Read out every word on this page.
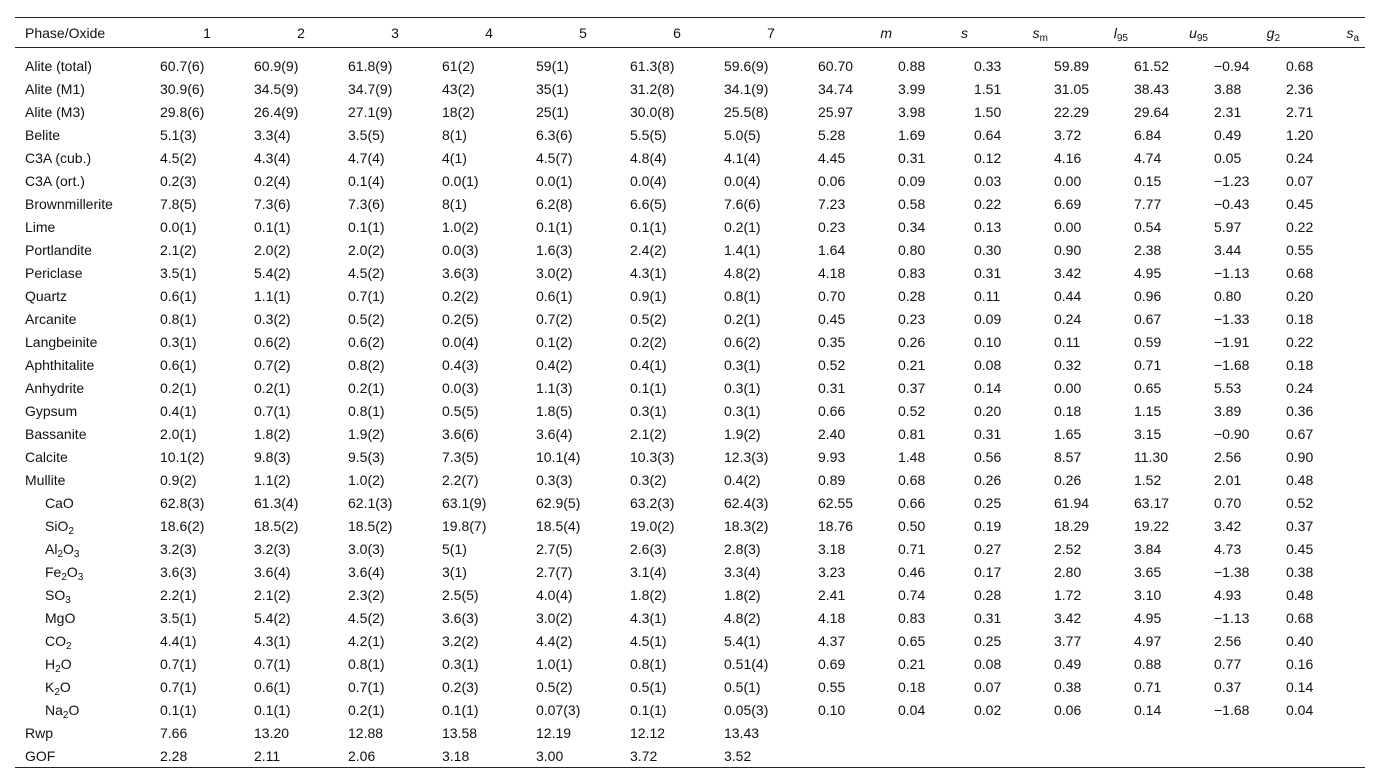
Phase/Oxide	1	2	3	4	5	6	7	m	s	$s_m$	$l_{95}$	$u_{95}$	$g_2$	$s_a$
Alite (total)	60.7(6)	60.9(9)	61.8(9)	61(2)	59(1)	61.3(8)	59.6(9)	60.70	0.88	0.33	59.89	61.52	−0.94	0.68
Alite (M1)	30.9(6)	34.5(9)	34.7(9)	43(2)	35(1)	31.2(8)	34.1(9)	34.74	3.99	1.51	31.05	38.43	3.88	2.36
Alite (M3)	29.8(6)	26.4(9)	27.1(9)	18(2)	25(1)	30.0(8)	25.5(8)	25.97	3.98	1.50	22.29	29.64	2.31	2.71
Belite	5.1(3)	3.3(4)	3.5(5)	8(1)	6.3(6)	5.5(5)	5.0(5)	5.28	1.69	0.64	3.72	6.84	0.49	1.20
C3A (cub.)	4.5(2)	4.3(4)	4.7(4)	4(1)	4.5(7)	4.8(4)	4.1(4)	4.45	0.31	0.12	4.16	4.74	0.05	0.24
C3A (ort.)	0.2(3)	0.2(4)	0.1(4)	0.0(1)	0.0(1)	0.0(4)	0.0(4)	0.06	0.09	0.03	0.00	0.15	−1.23	0.07
Brownmillerite	7.8(5)	7.3(6)	7.3(6)	8(1)	6.2(8)	6.6(5)	7.6(6)	7.23	0.58	0.22	6.69	7.77	−0.43	0.45
Lime	0.0(1)	0.1(1)	0.1(1)	1.0(2)	0.1(1)	0.1(1)	0.2(1)	0.23	0.34	0.13	0.00	0.54	5.97	0.22
Portlandite	2.1(2)	2.0(2)	2.0(2)	0.0(3)	1.6(3)	2.4(2)	1.4(1)	1.64	0.80	0.30	0.90	2.38	3.44	0.55
Periclase	3.5(1)	5.4(2)	4.5(2)	3.6(3)	3.0(2)	4.3(1)	4.8(2)	4.18	0.83	0.31	3.42	4.95	−1.13	0.68
Quartz	0.6(1)	1.1(1)	0.7(1)	0.2(2)	0.6(1)	0.9(1)	0.8(1)	0.70	0.28	0.11	0.44	0.96	0.80	0.20
Arcanite	0.8(1)	0.3(2)	0.5(2)	0.2(5)	0.7(2)	0.5(2)	0.2(1)	0.45	0.23	0.09	0.24	0.67	−1.33	0.18
Langbeinite	0.3(1)	0.6(2)	0.6(2)	0.0(4)	0.1(2)	0.2(2)	0.6(2)	0.35	0.26	0.10	0.11	0.59	−1.91	0.22
Aphthitalite	0.6(1)	0.7(2)	0.8(2)	0.4(3)	0.4(2)	0.4(1)	0.3(1)	0.52	0.21	0.08	0.32	0.71	−1.68	0.18
Anhydrite	0.2(1)	0.2(1)	0.2(1)	0.0(3)	1.1(3)	0.1(1)	0.3(1)	0.31	0.37	0.14	0.00	0.65	5.53	0.24
Gypsum	0.4(1)	0.7(1)	0.8(1)	0.5(5)	1.8(5)	0.3(1)	0.3(1)	0.66	0.52	0.20	0.18	1.15	3.89	0.36
Bassanite	2.0(1)	1.8(2)	1.9(2)	3.6(6)	3.6(4)	2.1(2)	1.9(2)	2.40	0.81	0.31	1.65	3.15	−0.90	0.67
Calcite	10.1(2)	9.8(3)	9.5(3)	7.3(5)	10.1(4)	10.3(3)	12.3(3)	9.93	1.48	0.56	8.57	11.30	2.56	0.90
Mullite	0.9(2)	1.1(2)	1.0(2)	2.2(7)	0.3(3)	0.3(2)	0.4(2)	0.89	0.68	0.26	0.26	1.52	2.01	0.48
CaO	62.8(3)	61.3(4)	62.1(3)	63.1(9)	62.9(5)	63.2(3)	62.4(3)	62.55	0.66	0.25	61.94	63.17	0.70	0.52
SiO$_2$	18.6(2)	18.5(2)	18.5(2)	19.8(7)	18.5(4)	19.0(2)	18.3(2)	18.76	0.50	0.19	18.29	19.22	3.42	0.37
$Al_2O_3$	3.2(3)	3.2(3)	3.0(3)	5(1)	2.7(5)	2.6(3)	2.8(3)	3.18	0.71	0.27	2.52	3.84	4.73	0.45
$Fe_2O_3$	3.6(3)	3.6(4)	3.6(4)	3(1)	2.7(7)	3.1(4)	3.3(4)	3.23	0.46	0.17	2.80	3.65	−1.38	0.38
$SO_3$	2.2(1)	2.1(2)	2.3(2)	2.5(5)	4.0(4)	1.8(2)	1.8(2)	2.41	0.74	0.28	1.72	3.10	4.93	0.48
MgO	3.5(1)	5.4(2)	4.5(2)	3.6(3)	3.0(2)	4.3(1)	4.8(2)	4.18	0.83	0.31	3.42	4.95	−1.13	0.68
$CO_2$	4.4(1)	4.3(1)	4.2(1)	3.2(2)	4.4(2)	4.5(1)	5.4(1)	4.37	0.65	0.25	3.77	4.97	2.56	0.40
$H_2O$	0.7(1)	0.7(1)	0.8(1)	0.3(1)	1.0(1)	0.8(1)	0.51(4)	0.69	0.21	0.08	0.49	0.88	0.77	0.16
$K_2O$	0.7(1)	0.6(1)	0.7(1)	0.2(3)	0.5(2)	0.5(1)	0.5(1)	0.55	0.18	0.07	0.38	0.71	0.37	0.14
$Na_2O$	0.1(1)	0.1(1)	0.2(1)	0.1(1)	0.07(3)	0.1(1)	0.05(3)	0.10	0.04	0.02	0.06	0.14	−1.68	0.04
Rwp	7.66	13.20	12.88	13.58	12.19	12.12	13.43							
GOF	2.28	2.11	2.06	3.18	3.00	3.72	3.52							
